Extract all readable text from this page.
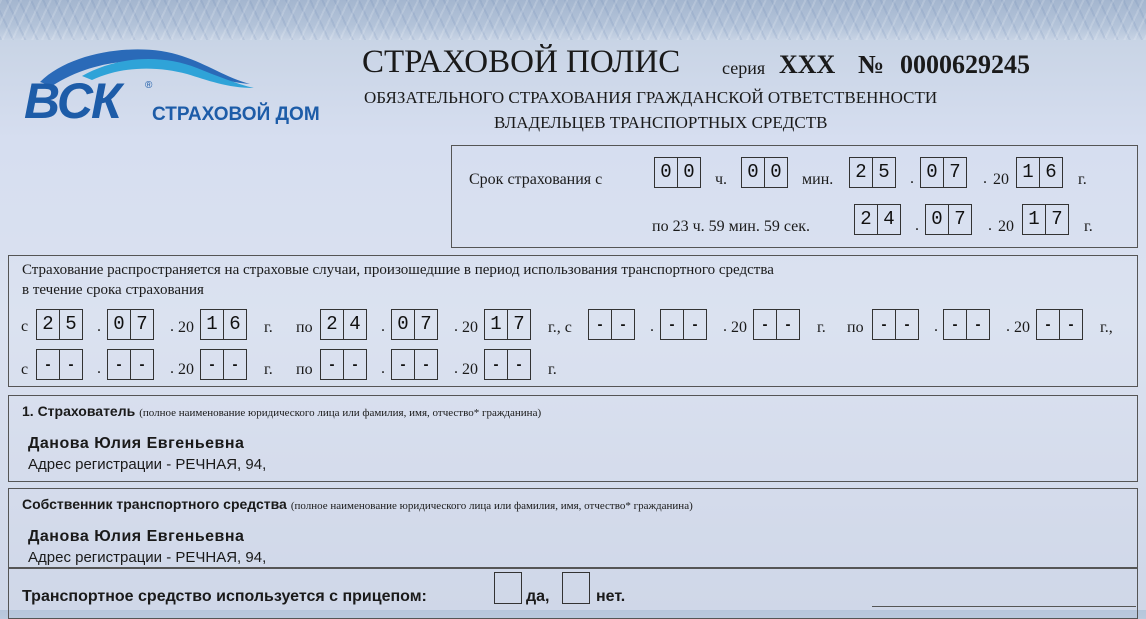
ВСК	®
СТРАХОВОЙ ДОМ
СТРАХОВОЙ ПОЛИС серия ХХХ № 0000629245
ОБЯЗАТЕЛЬНОГО СТРАХОВАНИЯ ГРАЖДАНСКОЙ ОТВЕТСТВЕННОСТИ
ВЛАДЕЛЬЦЕВ ТРАНСПОРТНЫХ СРЕДСТВ
Срок страхования с	0 0	ч. 0 0	мин. 2 5	. 0 7	. 20 1 6	г.
по 23 ч. 59 мин. 59 сек.	2 4	. 0 7	. 20 1 7	г.
Страхование распространяется на страховые случаи, произошедшие в период использования транспортного средства
в течение срока страхования
с 2 5	. 0 7	. 20 1 6	г. по 2 4	. 0 7	. 20 1 7	г., с	-	-	.	-	-	. 20	-	-	г. по	-	-	. -	-	. 20	-	-	г.,
с	-	-	.	-	-	. 20	-	-	г. по	-	-	.	-	-	. 20	-	-	г.
1. Страхователь (полное наименование юридического лица или фамилия, имя, отчество* гражданина)
Данова Юлия Евгеньевна
Адрес регистрации - РЕЧНАЯ, 94,
Собственник транспортного средства (полное наименование юридического лица или фамилия, имя, отчество* гражданина)
Данова Юлия Евгеньевна
Адрес регистрации - РЕЧНАЯ, 94,
Транспортное средство используется с прицепом:	да,	нет.
